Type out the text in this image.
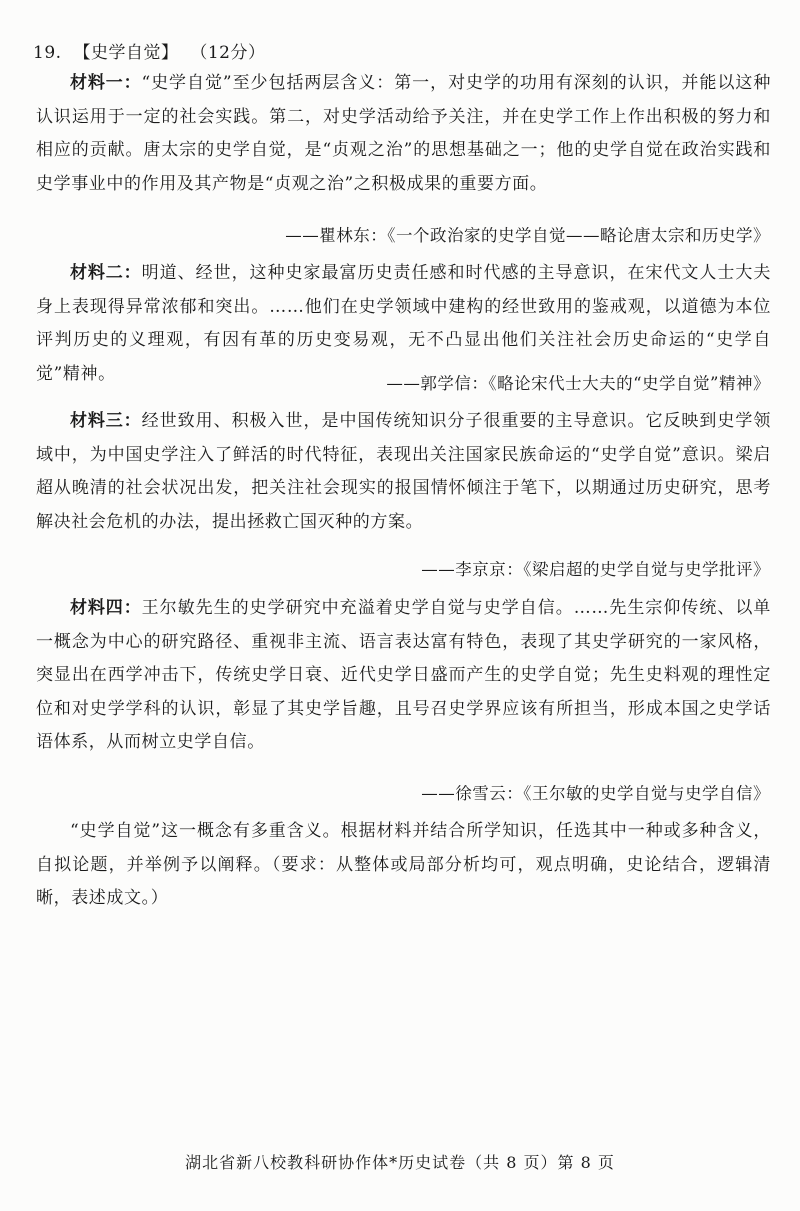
19. 【史学自觉】 （12分）
材料一：“史学自觉”至少包括两层含义：第一，对史学的功用有深刻的认识，并能以这种认识运用于一定的社会实践。第二，对史学活动给予关注，并在史学工作上作出积极的努力和相应的贡献。唐太宗的史学自觉，是“贞观之治”的思想基础之一；他的史学自觉在政治实践和史学事业中的作用及其产物是“贞观之治”之积极成果的重要方面。
——瞿林东：《一个政治家的史学自觉——略论唐太宗和历史学》
材料二：明道、经世，这种史家最富历史责任感和时代感的主导意识，在宋代文人士大夫身上表现得异常浓郁和突出。……他们在史学领域中建构的经世致用的鉴戒观，以道德为本位评判历史的义理观，有因有革的历史变易观，无不凸显出他们关注社会历史命运的“史学自觉”精神。	——郭学信：《略论宋代士大夫的“史学自觉”精神》
材料三：经世致用、积极入世，是中国传统知识分子很重要的主导意识。它反映到史学领域中，为中国史学注入了鲜活的时代特征，表现出关注国家民族命运的“史学自觉”意识。梁启超从晚清的社会状况出发，把关注社会现实的报国情怀倾注于笔下，以期通过历史研究，思考解决社会危机的办法，提出拯救亡国灭种的方案。
——李京京：《梁启超的史学自觉与史学批评》
材料四：王尔敏先生的史学研究中充溢着史学自觉与史学自信。……先生宗仰传统、以单一概念为中心的研究路径、重视非主流、语言表达富有特色，表现了其史学研究的一家风格，突显出在西学冲击下，传统史学日衰、近代史学日盛而产生的史学自觉；先生史料观的理性定位和对史学学科的认识，彰显了其史学旨趣，且号召史学界应该有所担当，形成本国之史学话语体系，从而树立史学自信。
——徐雪云：《王尔敏的史学自觉与史学自信》
“史学自觉”这一概念有多重含义。根据材料并结合所学知识，任选其中一种或多种含义，自拟论题，并举例予以阐释。（要求：从整体或局部分析均可，观点明确，史论结合，逻辑清晰，表述成文。）
湖北省新八校教科研协作体*历史试卷（共 8 页）第 8 页
